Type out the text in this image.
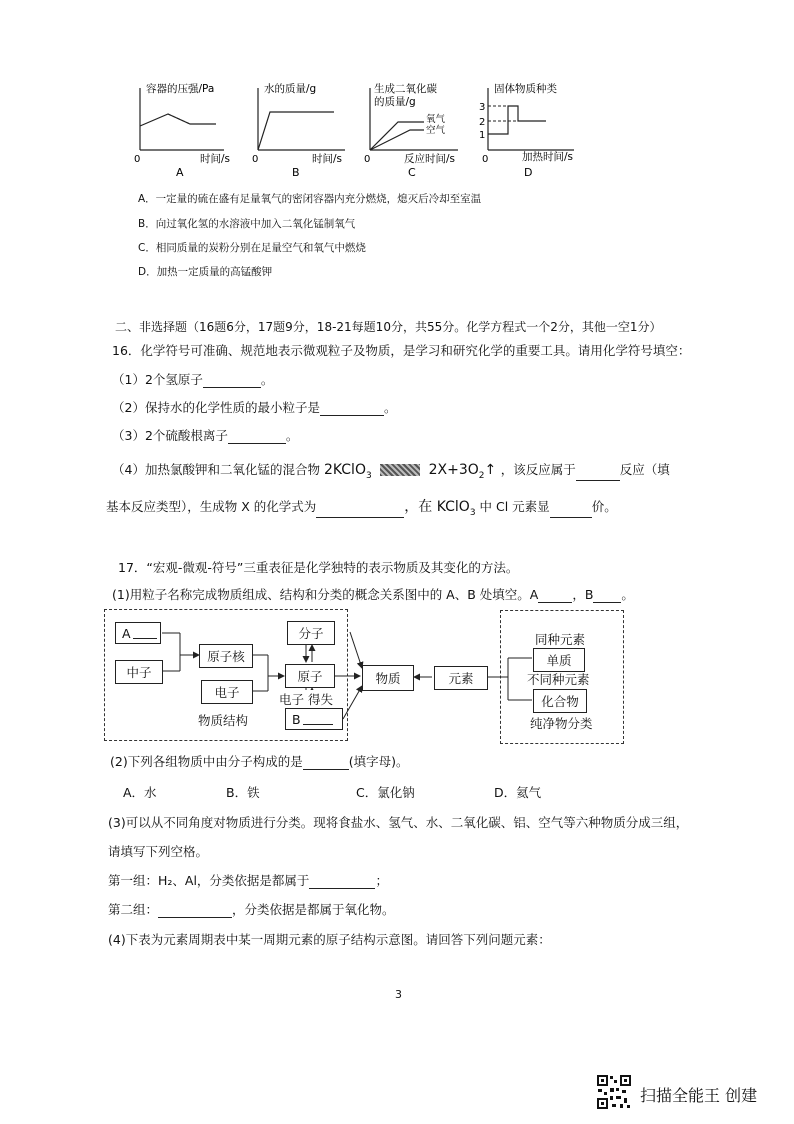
容器的压强/Pa
0	时间/s
A
水的质量/g
0	时间/s
B
生成二氧化碳
的质量/g
氧气
空气
0	反应时间/s
C
固体物质种类
3
2
1
0	加热时间/s
D
A．一定量的硫在盛有足量氧气的密闭容器内充分燃烧，熄灭后冷却至室温
B．向过氧化氢的水溶液中加入二氧化锰制氧气
C．相同质量的炭粉分别在足量空气和氧气中燃烧
D．加热一定质量的高锰酸钾
二、非选择题（16题6分，17题9分，18-21每题10分，共55分。化学方程式一个2分，其他一空1分）
16．化学符号可准确、规范地表示微观粒子及物质，是学习和研究化学的重要工具。请用化学符号填空：
（1）2个氢原子	。
（2）保持水的化学性质的最小粒子是	。
（3）2个硫酸根离子	。
（4）加热氯酸钾和二氧化锰的混合物 2KClO$_3$	$2X+3O_2↑$ ，该反应属于	反应（填
基本反应类型），生成物 X 的化学式为	，在 KClO$_3$ 中 Cl 元素显	价。
17．“宏观-微观-符号”三重表征是化学独特的表示物质及其变化的方法。
(1)用粒子名称完成物质组成、结构和分类的概念关系图中的 A、B 处填空。A	，B 。
A
中子
原子核
电子
物质结构
分子
原子
电子 得失
B
物质	元素
同种元素
单质
不同种元素
化合物
纯净物分类
(2)下列各组物质中由分子构成的是	(填字母)。
A．水	B．铁	C．氯化钠	D．氦气
(3)可以从不同角度对物质进行分类。现将食盐水、氢气、水、二氧化碳、铝、空气等六种物质分成三组，
请填写下列空格。
第一组：H₂、Al，分类依据是都属于	；
第二组：	，分类依据是都属于氧化物。
(4)下表为元素周期表中某一周期元素的原子结构示意图。请回答下列问题元素：
3
扫描全能王 创建
